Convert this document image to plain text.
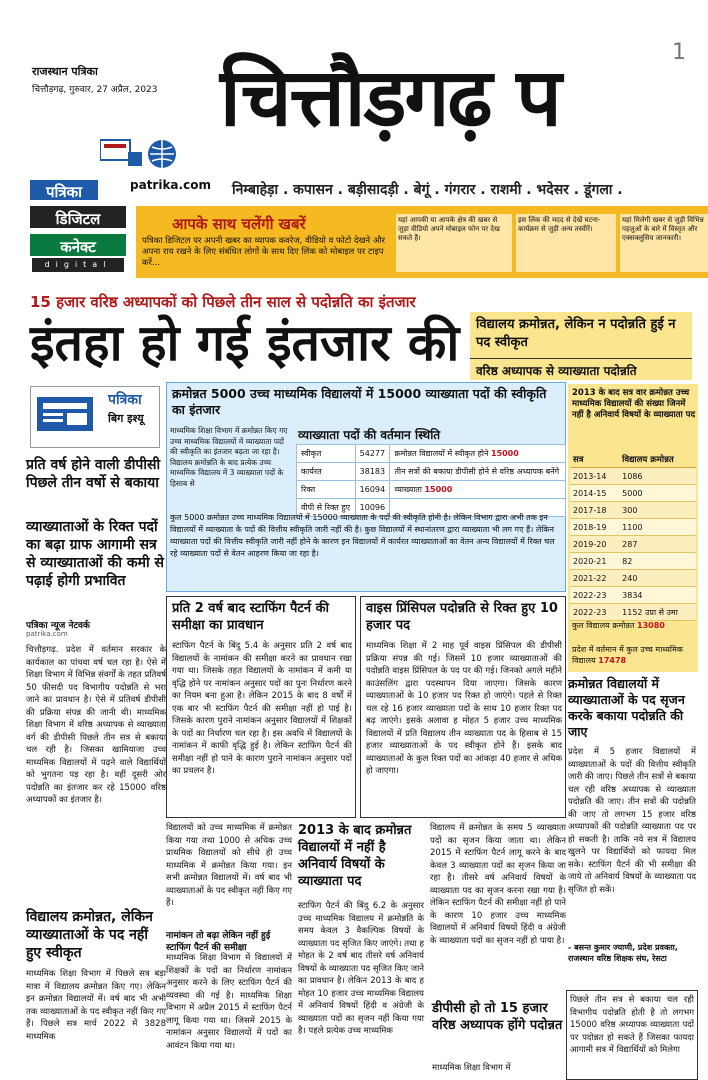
1
राजस्थान पत्रिका
चित्तौड़गढ़, गुरुवार, 27 अप्रैल, 2023 चित्तौड़गढ़ प
निम्बाहेड़ा . कपासन . बड़ीसादड़ी . बेगूं . गंगरार . राशमी . भदेसर . डूंगला .
patrika.com
पत्रिका
डिजिटल
कनेक्ट
digital
आपके साथ चलेंगी खबरें
पत्रिका डिजिटल पर अपनी खबर का व्यापक कवरेज, वीडियो व फोटो देखने और अपना राय रखने के लिए संबंधित लोगों के साथ दिए लिंक को मोबाइल पर टाइप करें...
यहां आपकी या आपके क्षेत्र की खबर से जुड़ा वीडियो अपने मोबाइल फोन पर देख सकते हैं।
इस लिंक की मदद से देखें घटना-कार्यक्रम से जुड़ी अन्य तस्वीरें।
यहां मिलेगी खबर से जुड़ी विभिन्न पहलुओं के बारे में विस्तृत और एक्सक्लूसिव जानकारी।
15 हजार वरिष्ठ अध्यापकों को पिछले तीन साल से पदोन्नति का इंतजार
इंतहा हो गई इंतजार की	विद्यालय क्रमोन्नत, लेकिन न पदोन्नति हुई न पद स्वीकृत
वरिष्ठ अध्यापक से व्याख्याता पदोन्नति
पत्रिका
बिग इश्यू
प्रति वर्ष होने वाली डीपीसी पिछले तीन वर्षो से बकाया
व्याख्याताओं के रिक्त पदों का बढ़ा ग्राफ आगामी सत्र से व्याख्याताओं की कमी से पढ़ाई होगी प्रभावित
पत्रिका न्यूज नेटवर्क
patrika.com
चित्तौड़गढ़. प्रदेश में वर्तमान सरकार के कार्यकाल का पांचवा वर्ष चल रहा है। ऐसे में शिक्षा विभाग में विभिन्न संवर्गों के तहत प्रतिवर्ष 50 फीसदी पद विभागीय पदोन्नति से भरा जाने का प्रावधान है। ऐसे में प्रतिवर्ष डीपीसी की प्रक्रिया संपन्न की जानी थी। माध्यमिक शिक्षा विभाग में वरिष्ठ अध्यापक से व्याख्याता वर्ग की डीपीसी पिछले तीन सत्र से बकाया चल रही है। जिसका खामियाजा उच्च माध्यमिक विद्यालयों में पढ़ने वाले विद्यार्थियों को भुगतना पड़ रहा है। वहीं दूसरी ओर पदोन्नति का इंतजार कर रहे 15000 वरिष्ठ अध्यापकों का इंतजार है।
विद्यालय क्रमोन्नत, लेकिन व्याख्याताओं के पद नहीं हुए स्वीकृत
माध्यमिक शिक्षा विभाग में पिछले सत्र बड़ा मात्रा में विद्यालय क्रमोन्नत किए गए। लेकिन इन क्रमोन्नत विद्यालयों में। वर्ष बाद भी अभी तक व्याख्याताओं के पद स्वीकृत नहीं किए गए हैं। पिछले सत्र मार्च 2022 में 3828 माध्यमिक
क्रमोन्नत 5000 उच्च माध्यमिक विद्यालयों में 15000 व्याख्याता पदों की स्वीकृति का इंतजार
माध्यमिक शिक्षा विभाग में क्रमोन्नत किए गए उच्च माध्यमिक विद्यालयों में व्याख्याता पदों की स्वीकृति का इंतजार बढ़ता जा रहा है। विद्यालय क्रमोन्नति के बाद प्रत्येक उच्च माध्यमिक विद्यालय में 3 व्याख्याता पदों के हिसाब से
व्याख्याता पदों की वर्तमान स्थिति
स्वीकृत	54277	क्रमोन्नत विद्यालयों में स्वीकृत होने 15000
कार्यरत	38183	तीन सत्रों की बकाया डीपीसी होने से वरिष्ठ अध्यापक बनेंगे
रिक्त	16094	व्याख्याता 15000
वीपी से रिक्त हुए	10096	
कुल 5000 क्रमोन्नत उच्च माध्यमिक विद्यालयों में 15000 व्याख्याता के पदों की स्वीकृति होनी है। लेकिन विभाग द्वारा अभी तक इन विद्यालयों में व्याख्याता के पदों की वित्तीय स्वीकृति जारी नहीं की है। कुछ विद्यालयों में स्थानांतरण द्वारा व्याख्याता भी लग गए हैं। लेकिन व्याख्याता पदों की वित्तीय स्वीकृति जारी नहीं होने के कारण इन विद्यालयों में कार्यरत व्याख्याताओं का वेतन अन्य विद्यालयों में रिक्त चल रहे व्याख्याता पदों से वेतन आहरण किया जा रहा है।
प्रति 2 वर्ष बाद स्टाफिंग पैटर्न की समीक्षा का प्रावधान
स्टाफिंग पैटर्न के बिंदु 5.4 के अनुसार प्रति 2 वर्ष बाद विद्यालयों के नामांकन की समीक्षा करने का प्रावधान रखा गया था। जिसके तहत विद्यालयों के नामांकन में कमी या वृद्धि होने पर नामांकन अनुसार पदों का पुनः निर्धारण करने का नियम बना हुआ है। लेकिन 2015 के बाद 8 वर्षों में एक बार भी स्टाफिंग पैटर्न की समीक्षा नहीं हो पाई है। जिसके कारण पुराने नामांकन अनुसार विद्यालयों में शिक्षकों के पदों का निर्धारण चल रहा है। इस अवधि में विद्यालयों के नामांकन में काफी वृद्धि हुई है। लेकिन स्टाफिंग पैटर्न की समीक्षा नहीं हो पाने के कारण पुराने नामांकन अनुसार पदों का प्रचलन है।
वाइस प्रिंसिपल पदोन्नति से रिक्त हुए 10 हजार पद
माध्यमिक शिक्षा में 2 माह पूर्व वाइस प्रिंसिपल की डीपीसी प्रक्रिया संपन्न की गई। जिसमें 10 हजार व्याख्याताओं की पदोन्नति वाइस प्रिंसिपल के पद पर की गई। जिनको अगले महीने काउंसलिंग द्वारा पदस्थापन दिया जाएगा। जिसके कारण व्याख्याताओं के 10 हजार पद रिक्त हो जाएंगे। पहले से रिक्त चल रहे 16 हजार व्याख्याता पदों के साथ 10 हजार रिक्त पद बढ़ जाएंगे। इसके अलावा ह मोहत 5 हजार उच्च माध्यमिक विद्यालयों में प्रति विद्यालय तीन व्याख्याता पद के हिसाब से 15 हजार व्याख्याताओं के पद स्वीकृत होने हैं। इसके बाद व्याख्याताओं के कुल रिक्त पदों का आंकड़ा 40 हजार से अधिक हो जाएगा।
विद्यालयों को उच्च माध्यमिक में क्रमोन्नत किया गया तथा 1000 से अधिक उच्च प्राथमिक विद्यालयों को सीधे ही उच्च माध्यमिक में क्रमोन्नत किया गया। इन सभी क्रमोन्नत विद्यालयों में। वर्ष बाद भी व्याख्याताओं के पद स्वीकृत नहीं किए गए हैं।
नामांकन तो बढ़ा लेकिन नहीं हुई स्टाफिंग पैटर्न की समीक्षा
माध्यमिक शिक्षा विभाग में विद्यालयों में शिक्षकों के पदों का निर्धारण नामांकन अनुसार करने के लिए स्टाफिंग पैटर्न की व्यवस्था की गई है। माध्यमिक शिक्षा विभाग में अप्रैल 2015 में स्टाफिंग पैटर्न लागू किया गया था। जिसमें 2015 के नामांकन अनुसार विद्यालयों में पदों का आवंटन किया गया था।
2013 के बाद क्रमोन्नत विद्यालयों में नहीं है अनिवार्य विषयों के व्याख्याता पद
स्टाफिंग पैटर्न की बिंदु 6.2 के अनुसार उच्च माध्यमिक विद्यालय में क्रमोन्नति के समय केवल 3 वैकल्पिक विषयों के व्याख्याता पद सृजित किए जाएंगे। तथा ह मोहत के 2 वर्ष बाद तीसरे वर्ष अनिवार्य विषयों के व्याख्याता पद सृजित किए जाने का प्रावधान है। लेकिन 2013 के बाद ह मोहत 10 हजार उच्च माध्यमिक विद्यालय में अनिवार्य विषयों हिंदी व अंग्रेजी के व्याख्याता पदों का सृजन नहीं किया गया है। पहले प्रत्येक उच्च माध्यमिक
विद्यालय में क्रमोन्नत के समय 5 व्याख्याता पदों का सृजन किया जाता था। लेकिन 2015 में स्टाफिंग पैटर्न लागू करने के बाद केवल 3 व्याख्याता पदों का सृजन किया जा रहा है। तीसरे वर्ष अनिवार्य विषयों के व्याख्याता पद का सृजन करना रखा गया है। लेकिन स्टाफिंग पैटर्न की समीक्षा नहीं हो पाने के कारण 10 हजार उच्च माध्यमिक विद्यालयों में अनिवार्य विषयों हिंदी व अंग्रेजी के व्याख्याता पदों का सृजन नहीं हो पाया है।
डीपीसी हो तो 15 हजार वरिष्ठ अध्यापक होंगे पदोन्नत
माध्यमिक शिक्षा विभाग में
2013 के बाद सत्र वार क्रमोन्नत उच्च माध्यमिक विद्यालयों की संख्या जिनमें नहीं है अनिवार्य विषयों के व्याख्याता पद
सत्र	विद्यालय क्रमोन्नत
2013-14	1086
2014-15	5000
2017-18	300
2018-19	1100
2019-20	287
2020-21	82
2021-22	240
2022-23	3834
2022-23	1152 उप्रा से उमा
कुल विद्यालय क्रमोन्नत 13080
प्रदेश में वर्तमान में कुल उच्च माध्यमिक विद्यालय 17478
क्रमोन्नत विद्यालयों में व्याख्याताओं के पद सृजन करके बकाया पदोन्नति की जाए
प्रदेश में 5 हजार विद्यालयों में व्याख्याताओं के पदों की वित्तीय स्वीकृति जारी की जाए। पिछले तीन सत्रों से बकाया चल रही वरिष्ठ अध्यापक से व्याख्याता पदोन्नति की जाए। तीन सत्रों की पदोन्नति की जाए तो लगभग 15 हजार वरिष्ठ अध्यापकों की पदोन्नति व्याख्याता पद पर हो सकती है। ताकि नये सत्र में विद्यालय खुलने पर विद्यार्थियों को फायदा मिल सके। स्टाफिंग पैटर्न की भी समीक्षा की जाये तो अनिवार्य विषयों के व्याख्याता पद सृजित हो सकें।
- बसन्त कुमार ज्याणी, प्रदेश प्रवक्ता, राजस्थान वरिष्ठ शिक्षक संघ, रेसटा
पिछले तीन सत्र से बकाया चल रही विभागीय पदोन्नति होती है तो लगभग 15000 वरिष्ठ अध्यापक व्याख्याता पदों पर पदोन्नत हो सकते हैं जिसका फायदा आगामी सत्र में विद्यार्थियों को मिलेगा
